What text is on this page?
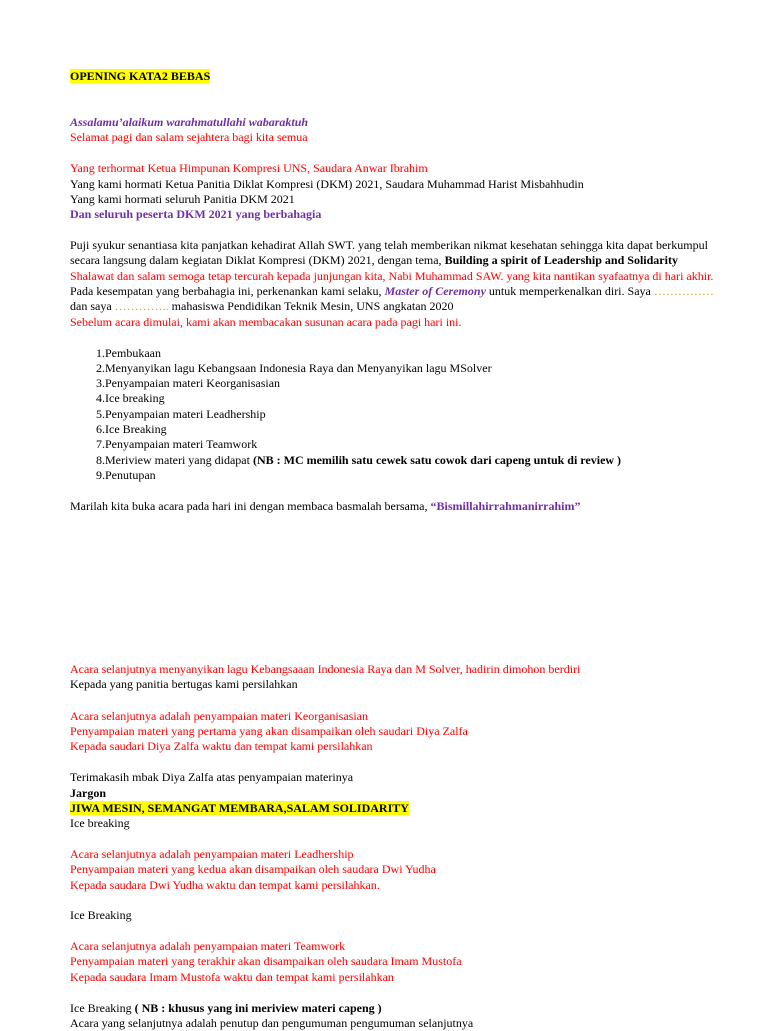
OPENING KATA2 BEBAS
Assalamu’alaikum warahmatullahi wabaraktuh
Selamat pagi dan salam sejahtera bagi kita semua
Yang terhormat Ketua Himpunan Kompresi UNS, Saudara Anwar Ibrahim
Yang kami hormati Ketua Panitia Diklat Kompresi (DKM) 2021, Saudara Muhammad Harist Misbahhudin
Yang kami hormati seluruh Panitia DKM 2021
Dan seluruh peserta DKM 2021 yang berbahagia
Puji syukur senantiasa kita panjatkan kehadirat Allah SWT. yang telah memberikan nikmat kesehatan sehingga kita dapat berkumpul
secara langsung dalam kegiatan Diklat Kompresi (DKM) 2021, dengan tema, Building a spirit of Leadership and Solidarity
Shalawat dan salam semoga tetap tercurah kepada junjungan kita, Nabi Muhammad SAW. yang kita nantikan syafaatnya di hari akhir.
Pada kesempatan yang berbahagia ini, perkenankan kami selaku, Master of Ceremony untuk memperkenalkan diri. Saya ……………
dan saya ………….. mahasiswa Pendidikan Teknik Mesin, UNS angkatan 2020
Sebelum acara dimulai, kami akan membacakan susunan acara pada pagi hari ini.
1. Pembukaan
2. Menyanyikan lagu Kebangsaan Indonesia Raya dan Menyanyikan lagu MSolver
3. Penyampaian materi Keorganisasian
4. Ice breaking
5. Penyampaian materi Leadhership
6. Ice Breaking
7. Penyampaian materi Teamwork
8. Meriview materi yang didapat (NB : MC memilih satu cewek satu cowok dari capeng untuk di review )
9. Penutupan
Marilah kita buka acara pada hari ini dengan membaca basmalah bersama, “Bismillahirrahmanirrahim”
Acara selanjutnya menyanyikan lagu Kebangsaaan Indonesia Raya dan M Solver, hadirin dimohon berdiri
Kepada yang panitia bertugas kami persilahkan
Acara selanjutnya adalah penyampaian materi Keorganisasian
Penyampaian materi yang pertama yang akan disampaikan oleh saudari Diya Zalfa
Kepada saudari Diya Zalfa waktu dan tempat kami persilahkan
Terimakasih mbak Diya Zalfa atas penyampaian materinya
Jargon
JIWA MESIN, SEMANGAT MEMBARA,SALAM SOLIDARITY
Ice breaking
Acara selanjutnya adalah penyampaian materi Leadhership
Penyampaian materi yang kedua akan disampaikan oleh saudara Dwi Yudha
Kepada saudara Dwi Yudha waktu dan tempat kami persilahkan.
Ice Breaking
Acara selanjutnya adalah penyampaian materi Teamwork
Penyampaian materi yang terakhir akan disampaikan oleh saudara Imam Mustofa
Kepada saudara Imam Mustofa waktu dan tempat kami persilahkan
Ice Breaking ( NB : khusus yang ini meriview materi capeng )
Acara yang selanjutnya adalah penutup dan pengumuman pengumuman selanjutnya
